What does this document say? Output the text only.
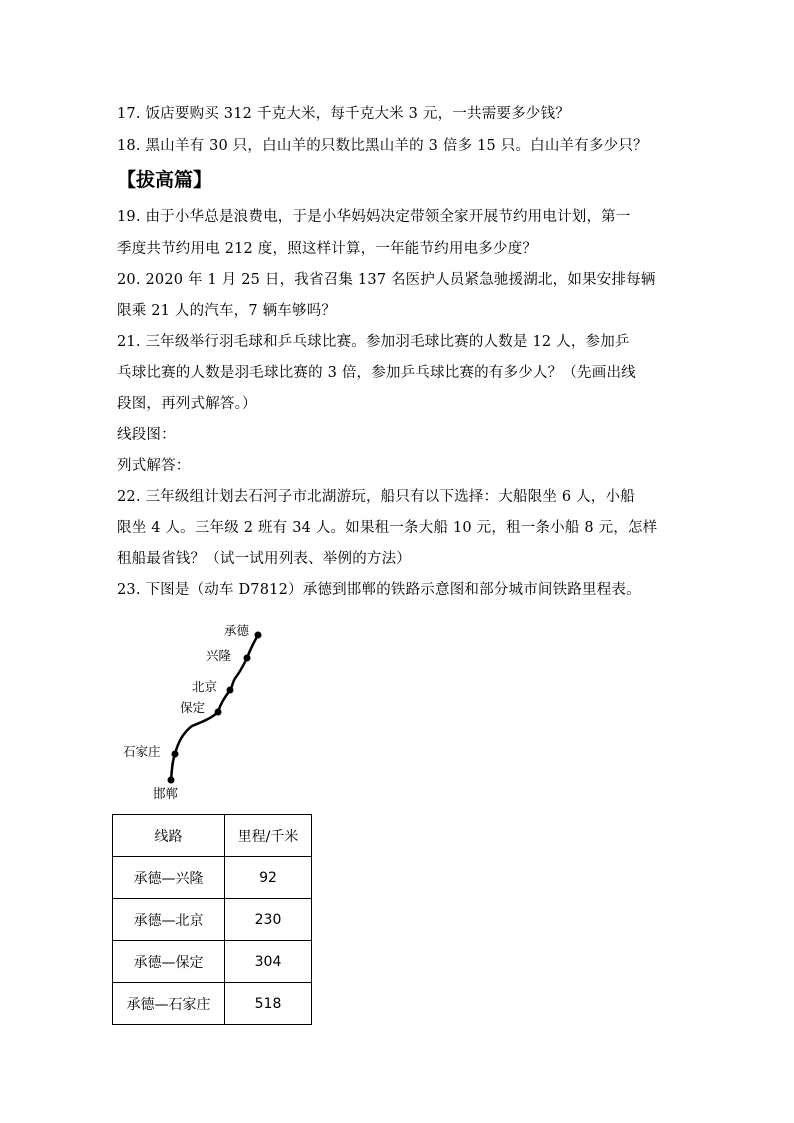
17. 饭店要购买 312 千克大米，每千克大米 3 元，一共需要多少钱？
18. 黑山羊有 30 只，白山羊的只数比黑山羊的 3 倍多 15 只。白山羊有多少只？
【拔高篇】
19. 由于小华总是浪费电，于是小华妈妈决定带领全家开展节约用电计划，第一
季度共节约用电 212 度，照这样计算，一年能节约用电多少度？
20. 2020 年 1 月 25 日，我省召集 137 名医护人员紧急驰援湖北，如果安排每辆
限乘 21 人的汽车，7 辆车够吗？
21. 三年级举行羽毛球和乒乓球比赛。参加羽毛球比赛的人数是 12 人，参加乒
乓球比赛的人数是羽毛球比赛的 3 倍，参加乒乓球比赛的有多少人？（先画出线
段图，再列式解答。）
线段图：
列式解答：
22. 三年级组计划去石河子市北湖游玩，船只有以下选择：大船限坐 6 人，小船
限坐 4 人。三年级 2 班有 34 人。如果租一条大船 10 元，租一条小船 8 元，怎样
租船最省钱？（试一试用列表、举例的方法）
23. 下图是（动车 D7812）承德到邯郸的铁路示意图和部分城市间铁路里程表。
承德
兴隆
北京
保定
石家庄
邯郸
线路	里程/千米
承德—兴隆	92
承德—北京	230
承德—保定	304
承德—石家庄	518
